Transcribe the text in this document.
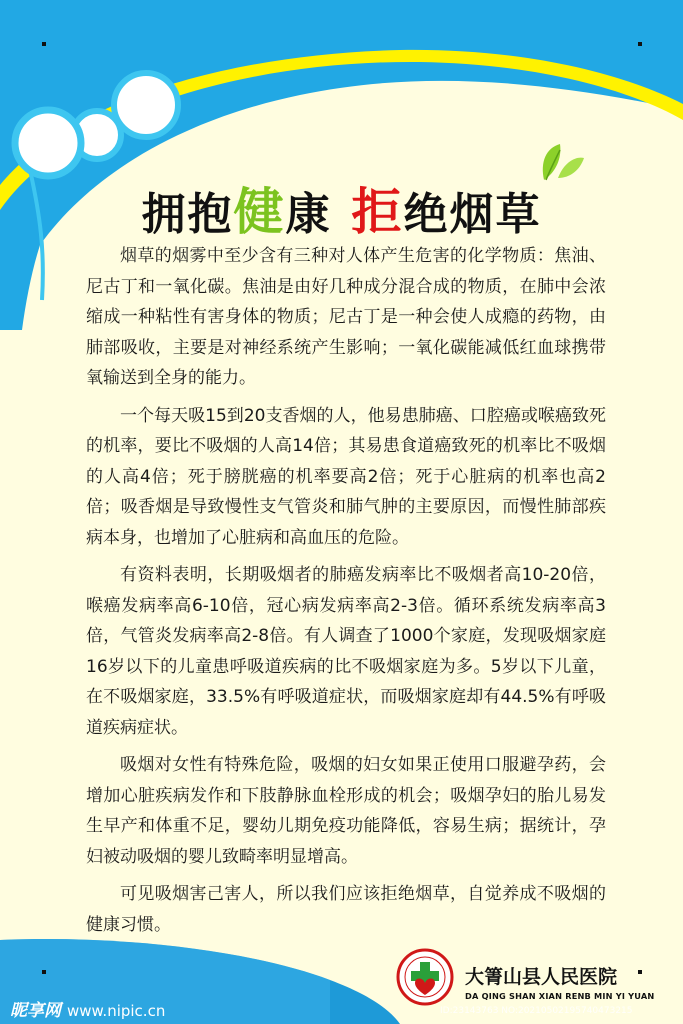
拥抱健康 拒绝烟草

烟草的烟雾中至少含有三种对人体产生危害的化学物质：焦油、尼古丁和一氧化碳。焦油是由好几种成分混合成的物质，在肺中会浓缩成一种粘性有害身体的物质；尼古丁是一种会使人成瘾的药物，由肺部吸收，主要是对神经系统产生影响；一氧化碳能减低红血球携带氧输送到全身的能力。

一个每天吸15到20支香烟的人，他易患肺癌、口腔癌或喉癌致死的机率，要比不吸烟的人高14倍；其易患食道癌致死的机率比不吸烟的人高4倍；死于膀胱癌的机率要高2倍；死于心脏病的机率也高2倍；吸香烟是导致慢性支气管炎和肺气肿的主要原因，而慢性肺部疾病本身，也增加了心脏病和高血压的危险。

有资料表明，长期吸烟者的肺癌发病率比不吸烟者高10-20倍，喉癌发病率高6-10倍，冠心病发病率高2-3倍。循环系统发病率高3倍，气管炎发病率高2-8倍。有人调查了1000个家庭，发现吸烟家庭16岁以下的儿童患呼吸道疾病的比不吸烟家庭为多。5岁以下儿童，在不吸烟家庭，33.5%有呼吸道症状，而吸烟家庭却有44.5%有呼吸道疾病症状。

吸烟对女性有特殊危险，吸烟的妇女如果正使用口服避孕药，会增加心脏疾病发作和下肢静脉血栓形成的机会；吸烟孕妇的胎儿易发生早产和体重不足，婴幼儿期免疫功能降低，容易生病；据统计，孕妇被动吸烟的婴儿致畸率明显增高。

可见吸烟害己害人，所以我们应该拒绝烟草，自觉养成不吸烟的健康习惯。

大箐山县人民医院
DA QING SHAN XIAN RENB MIN YI YUAN
昵享网 www.nipic.cn	ID:23143763 NO:20210502195740473215
